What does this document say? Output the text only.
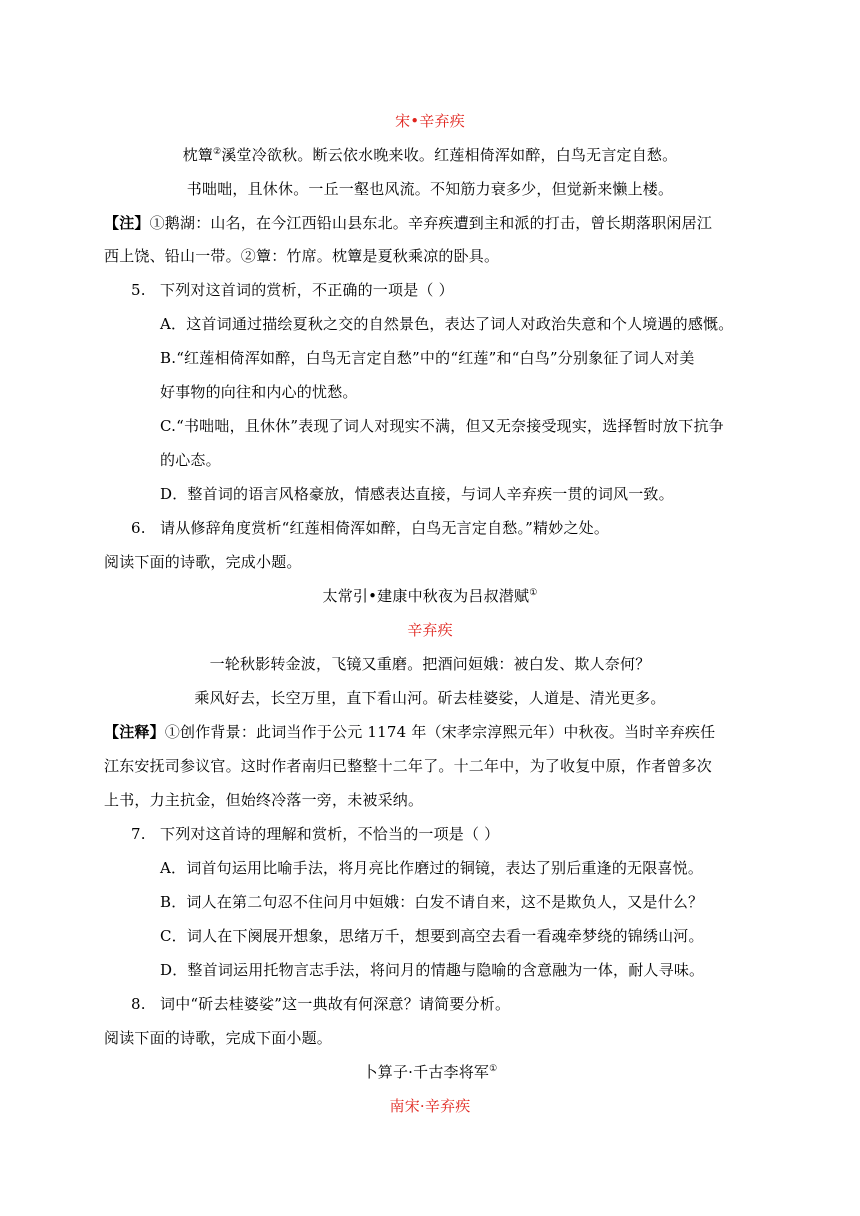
宋•辛弃疾
枕簟②溪堂冷欲秋。断云依水晚来收。红莲相倚浑如醉，白鸟无言定自愁。
书咄咄，且休休。一丘一壑也风流。不知筋力衰多少，但觉新来懒上楼。
【注】①鹅湖：山名，在今江西铅山县东北。辛弃疾遭到主和派的打击，曾长期落职闲居江
西上饶、铅山一带。②簟：竹席。枕簟是夏秋乘凉的卧具。
5. 下列对这首词的赏析，不正确的一项是（ ）
A．这首词通过描绘夏秋之交的自然景色，表达了词人对政治失意和个人境遇的感慨。
B.“红莲相倚浑如醉，白鸟无言定自愁”中的“红莲”和“白鸟”分别象征了词人对美
好事物的向往和内心的忧愁。
C.“书咄咄，且休休”表现了词人对现实不满，但又无奈接受现实，选择暂时放下抗争
的心态。
D．整首词的语言风格豪放，情感表达直接，与词人辛弃疾一贯的词风一致。
6. 请从修辞角度赏析“红莲相倚浑如醉，白鸟无言定自愁。”精妙之处。
阅读下面的诗歌，完成小题。
太常引•建康中秋夜为吕叔潜赋①
辛弃疾
一轮秋影转金波，飞镜又重磨。把酒问姮娥：被白发、欺人奈何？
乘风好去，长空万里，直下看山河。斫去桂婆娑，人道是、清光更多。
【注释】①创作背景：此词当作于公元 1174 年（宋孝宗淳熙元年）中秋夜。当时辛弃疾任
江东安抚司参议官。这时作者南归已整整十二年了。十二年中，为了收复中原，作者曾多次
上书，力主抗金，但始终冷落一旁，未被采纳。
7. 下列对这首诗的理解和赏析，不恰当的一项是（ ）
A．词首句运用比喻手法，将月亮比作磨过的铜镜，表达了别后重逢的无限喜悦。
B．词人在第二句忍不住问月中姮娥：白发不请自来，这不是欺负人，又是什么？
C．词人在下阕展开想象，思绪万千，想要到高空去看一看魂牵梦绕的锦绣山河。
D．整首词运用托物言志手法，将问月的情趣与隐喻的含意融为一体，耐人寻味。
8. 词中“斫去桂婆娑”这一典故有何深意？请简要分析。
阅读下面的诗歌，完成下面小题。
卜算子·千古李将军①
南宋·辛弃疾
